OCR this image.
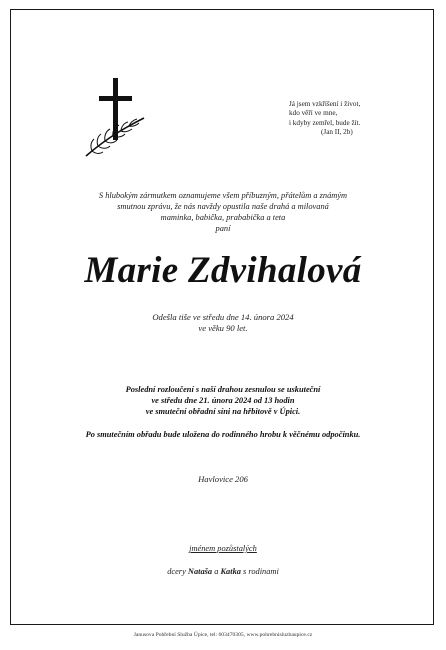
Já jsem vzkříšení i život,
kdo věří ve mne,
i kdyby zemřel, bude žít.
(Jan II, 2b)
S hlubokým zármutkem oznamujeme všem příbuzným, přátelům a známým
smutnou zprávu, že nás navždy opustila naše drahá a milovaná
maminka, babička, prababička a teta
paní
Marie Zdvihalová
Odešla tiše ve středu dne 14. února 2024
ve věku 90 let.
Poslední rozloučení s naší drahou zesnulou se uskuteční
ve středu dne 21. února 2024 od 13 hodin
ve smuteční obřadní síni na hřbitově v Úpici.
Po smutečním obřadu bude uložena do rodinného hrobu k věčnému odpočinku.
Havlovice 206
jménem pozůstalých
dcery Nataša a Katka s rodinami
Janusova Pohřební Služba Úpice, tel: 603470305, www.pohrebnisluzbaupice.cz
